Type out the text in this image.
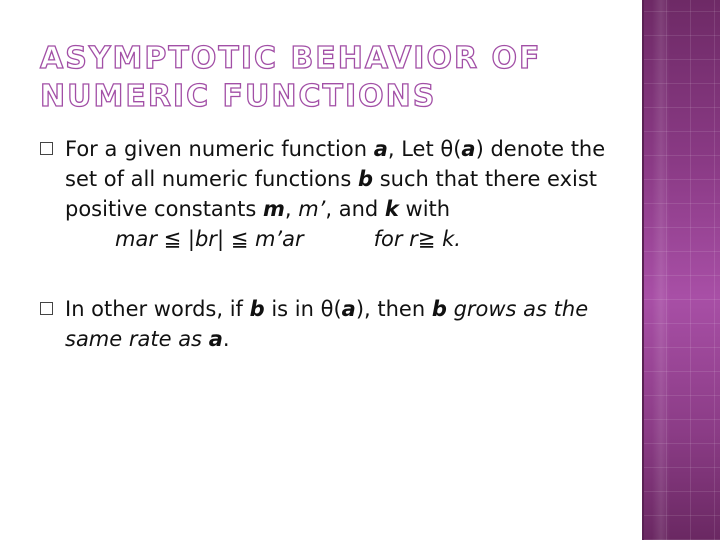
ASYMPTOTIC BEHAVIOR OF
NUMERIC FUNCTIONS
For a given numeric function a, Let θ(a) denote the set of all numeric functions b such that there exist positive constants m, m’, and k with
mar ≦ |br| ≦ m’ar	for r≧ k.
In other words, if b is in θ(a), then b grows as the same rate as a.
